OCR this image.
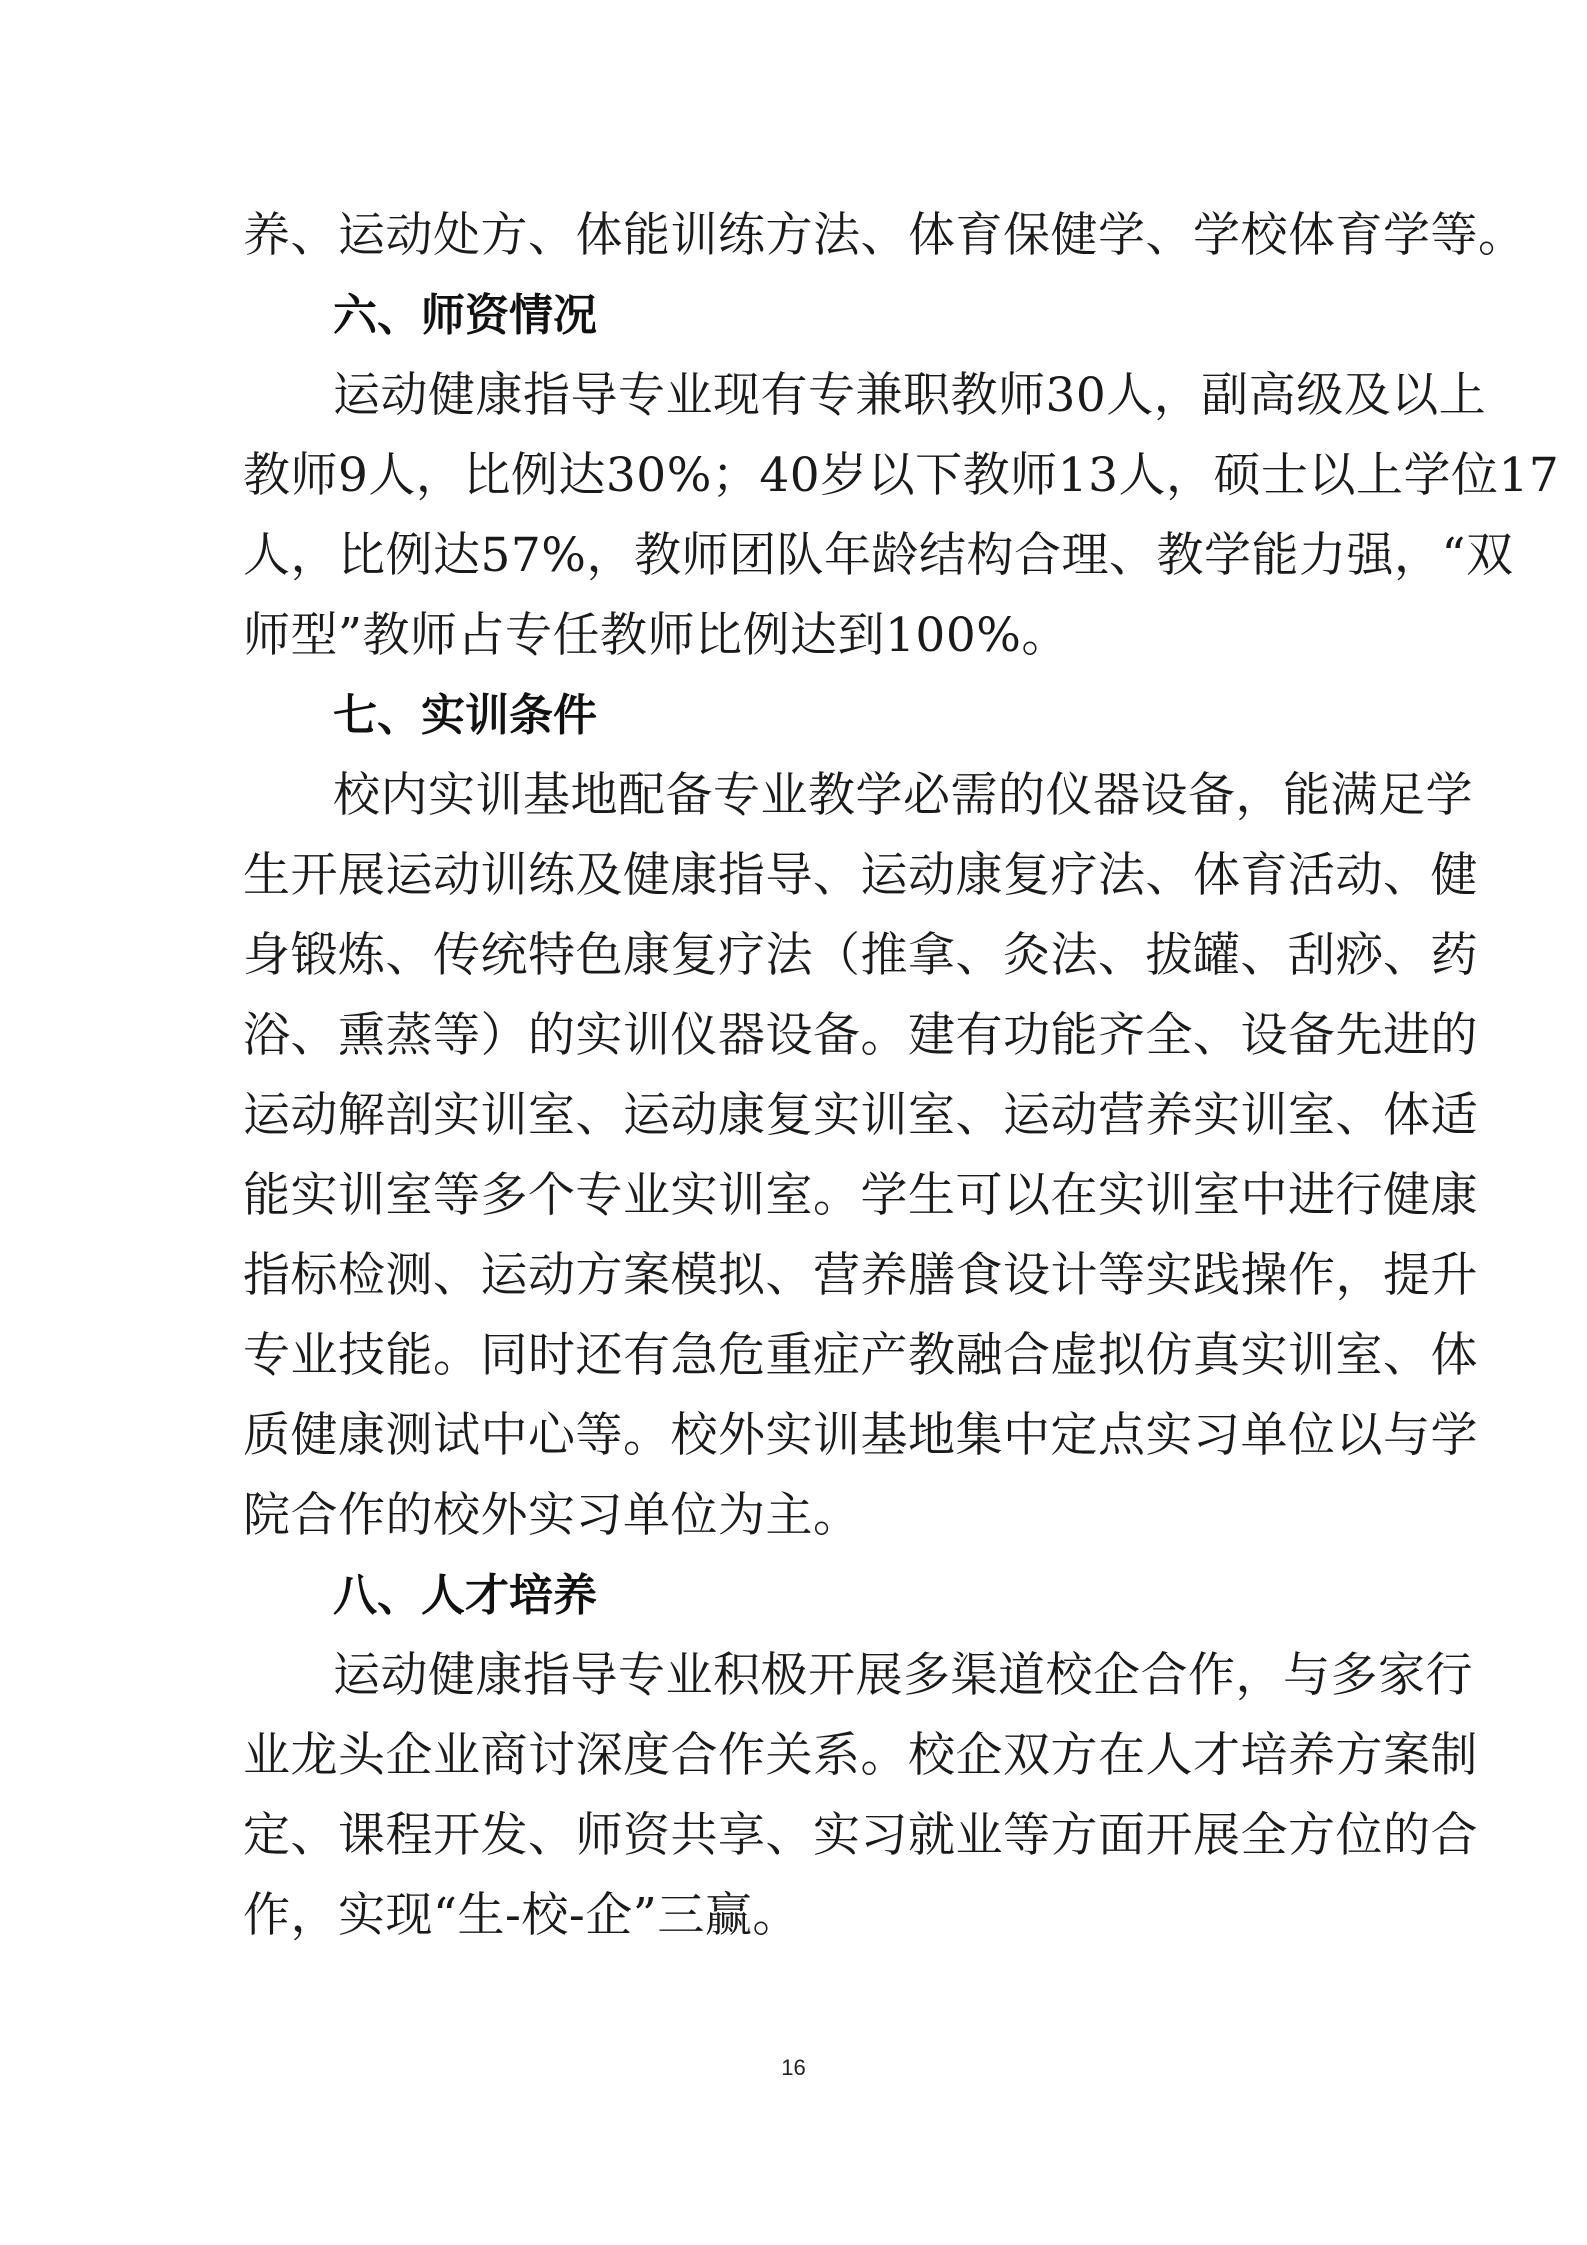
养、运动处方、体能训练方法、体育保健学、学校体育学等。
六、师资情况
运动健康指导专业现有专兼职教师30人，副高级及以上
教师9人，比例达30%；40岁以下教师13人，硕士以上学位17
人，比例达57%，教师团队年龄结构合理、教学能力强，“双
师型”教师占专任教师比例达到100%。
七、实训条件
校内实训基地配备专业教学必需的仪器设备，能满足学
生开展运动训练及健康指导、运动康复疗法、体育活动、健
身锻炼、传统特色康复疗法（推拿、灸法、拔罐、刮痧、药
浴、熏蒸等）的实训仪器设备。建有功能齐全、设备先进的
运动解剖实训室、运动康复实训室、运动营养实训室、体适
能实训室等多个专业实训室。学生可以在实训室中进行健康
指标检测、运动方案模拟、营养膳食设计等实践操作，提升
专业技能。同时还有急危重症产教融合虚拟仿真实训室、体
质健康测试中心等。校外实训基地集中定点实习单位以与学
院合作的校外实习单位为主。
八、人才培养
运动健康指导专业积极开展多渠道校企合作，与多家行
业龙头企业商讨深度合作关系。校企双方在人才培养方案制
定、课程开发、师资共享、实习就业等方面开展全方位的合
作，实现“生-校-企”三赢。
16
